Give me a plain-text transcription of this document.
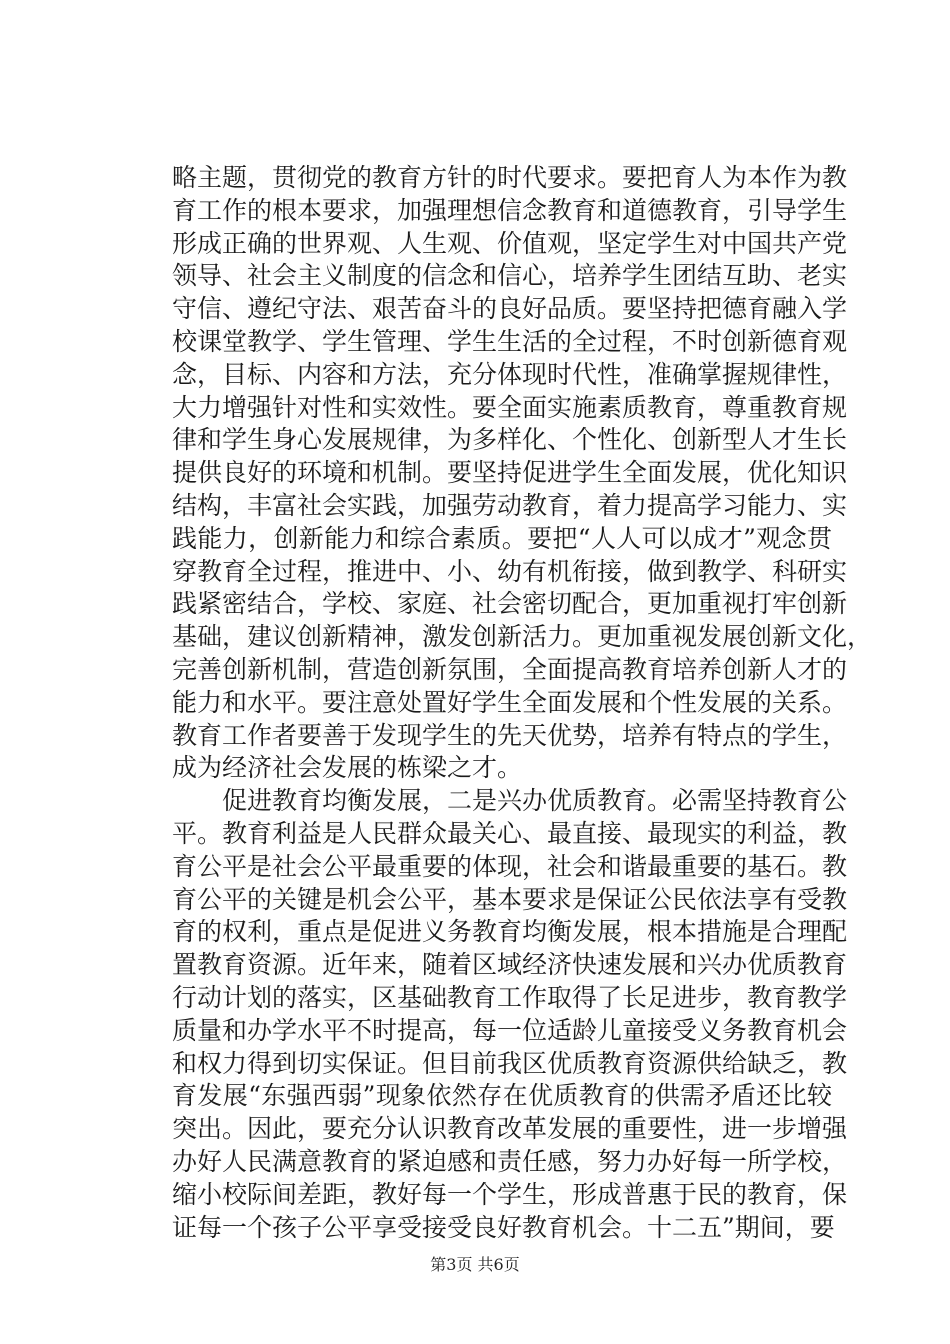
略主题，贯彻党的教育方针的时代要求。要把育人为本作为教
育工作的根本要求，加强理想信念教育和道德教育，引导学生
形成正确的世界观、人生观、价值观，坚定学生对中国共产党
领导、社会主义制度的信念和信心，培养学生团结互助、老实
守信、遵纪守法、艰苦奋斗的良好品质。要坚持把德育融入学
校课堂教学、学生管理、学生生活的全过程，不时创新德育观
念，目标、内容和方法，充分体现时代性，准确掌握规律性，
大力增强针对性和实效性。要全面实施素质教育，尊重教育规
律和学生身心发展规律，为多样化、个性化、创新型人才生长
提供良好的环境和机制。要坚持促进学生全面发展，优化知识
结构，丰富社会实践，加强劳动教育，着力提高学习能力、实
践能力，创新能力和综合素质。要把“人人可以成才”观念贯
穿教育全过程，推进中、小、幼有机衔接，做到教学、科研实
践紧密结合，学校、家庭、社会密切配合，更加重视打牢创新
基础，建议创新精神，激发创新活力。更加重视发展创新文化，
完善创新机制，营造创新氛围，全面提高教育培养创新人才的
能力和水平。要注意处置好学生全面发展和个性发展的关系。
教育工作者要善于发现学生的先天优势，培养有特点的学生，
成为经济社会发展的栋梁之才。
促进教育均衡发展，二是兴办优质教育。必需坚持教育公
平。教育利益是人民群众最关心、最直接、最现实的利益，教
育公平是社会公平最重要的体现，社会和谐最重要的基石。教
育公平的关键是机会公平，基本要求是保证公民依法享有受教
育的权利，重点是促进义务教育均衡发展，根本措施是合理配
置教育资源。近年来，随着区域经济快速发展和兴办优质教育
行动计划的落实，区基础教育工作取得了长足进步，教育教学
质量和办学水平不时提高，每一位适龄儿童接受义务教育机会
和权力得到切实保证。但目前我区优质教育资源供给缺乏，教
育发展“东强西弱”现象依然存在优质教育的供需矛盾还比较
突出。因此，要充分认识教育改革发展的重要性，进一步增强
办好人民满意教育的紧迫感和责任感，努力办好每一所学校，
缩小校际间差距，教好每一个学生，形成普惠于民的教育，保
证每一个孩子公平享受接受良好教育机会。十二五”期间，要
第3页 共6页
